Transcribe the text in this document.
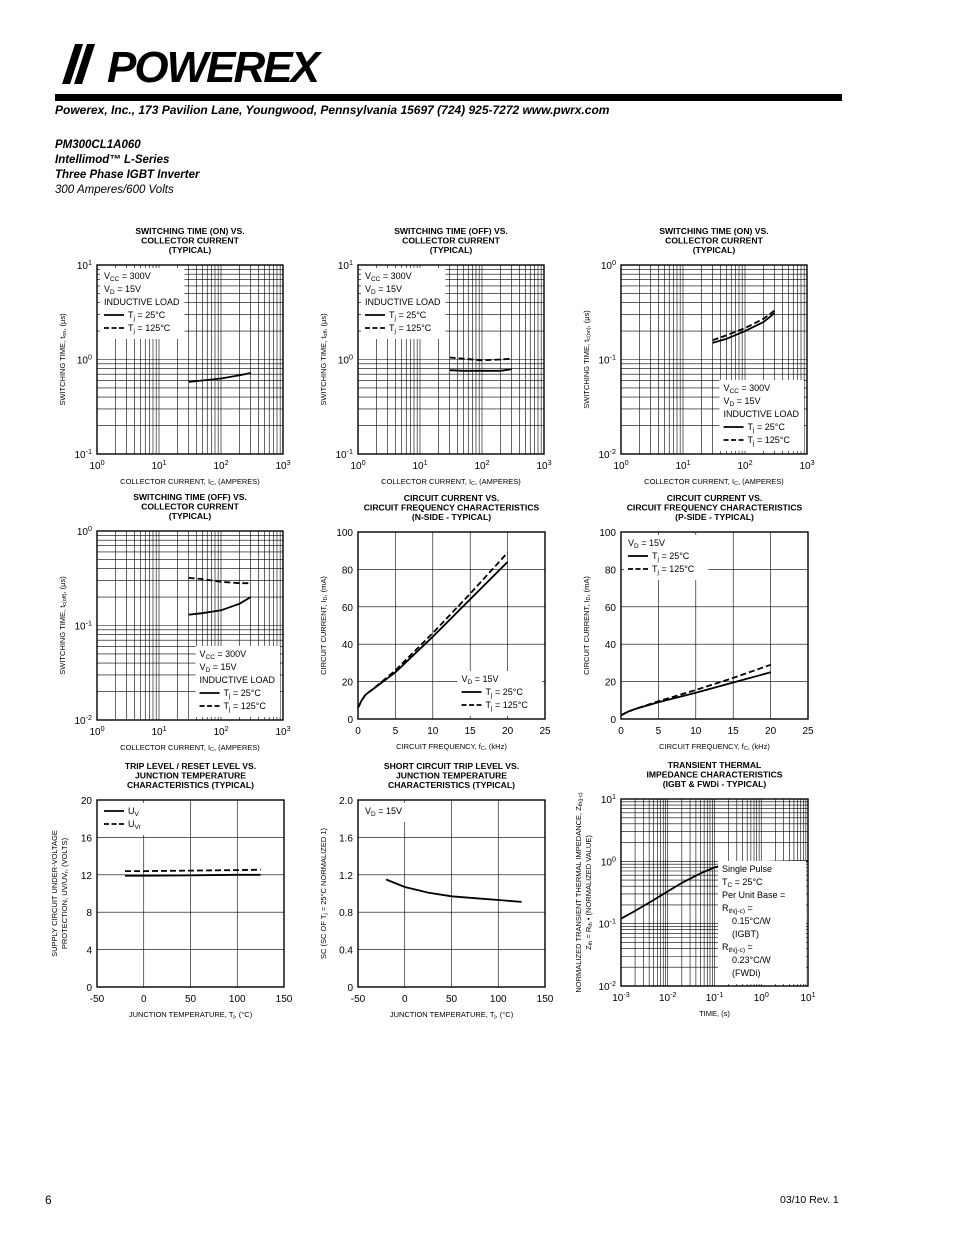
POWEREX
Powerex, Inc., 173 Pavilion Lane, Youngwood, Pennsylvania 15697 (724) 925-7272 www.pwrx.com
PM300CL1A060
Intellimod™ L-Series
Three Phase IGBT Inverter
300 Amperes/600 Volts
SWITCHING TIME (ON) VS.
COLLECTOR CURRENT
(TYPICAL)
$10^0$	$10^1$	$10^2$	$10^3$
$10^{-1}$
$10^0$
$10^1$
COLLECTOR CURRENT, IC, (AMPERES)
SWITCHING TIME, ton, (μs)
VCC = 300V
VD = 15V
INDUCTIVE LOAD
Tj = 25°C
Tj = 125°C
SWITCHING TIME (OFF) VS.
COLLECTOR CURRENT
(TYPICAL)
$10^0$	$10^1$	$10^2$	$10^3$
$10^{-1}$
$10^0$
$10^1$
COLLECTOR CURRENT, IC, (AMPERES)
SWITCHING TIME, toff, (μs)
VCC = 300V
VD = 15V
INDUCTIVE LOAD
Tj = 25°C
Tj = 125°C
SWITCHING TIME (ON) VS.
COLLECTOR CURRENT
(TYPICAL)
$10^0$	$10^1$	$10^2$	$10^3$
$10^{-2}$
$10^{-1}$
$10^0$
COLLECTOR CURRENT, IC, (AMPERES)
SWITCHING TIME, tc(on), (μs)
VCC = 300V
VD = 15V
INDUCTIVE LOAD
Tj = 25°C
Tj = 125°C
SWITCHING TIME (OFF) VS.
COLLECTOR CURRENT
(TYPICAL)
$10^0$	$10^1$	$10^2$	$10^3$
$10^{-2}$
$10^{-1}$
$10^0$
COLLECTOR CURRENT, IC, (AMPERES)
SWITCHING TIME, tc(off), (μs)
VCC = 300V
VD = 15V
INDUCTIVE LOAD
Tj = 25°C
Tj = 125°C
CIRCUIT CURRENT VS.
CIRCUIT FREQUENCY CHARACTERISTICS
(N-SIDE - TYPICAL)
0	5	10	15	20	25
0
20
40
60
80
100
CIRCUIT FREQUENCY, fC, (kHz)
CIRCUIT CURRENT, ID, (mA)
VD = 15V
Tj = 25°C
Tj = 125°C
CIRCUIT CURRENT VS.
CIRCUIT FREQUENCY CHARACTERISTICS
(P-SIDE - TYPICAL)
0	5	10	15	20	25
0
20
40
60
80
100
CIRCUIT FREQUENCY, fC, (kHz)
CIRCUIT CURRENT, ID, (mA)
VD = 15V
Tj = 25°C
Tj = 125°C
TRIP LEVEL / RESET LEVEL VS.
JUNCTION TEMPERATURE
CHARACTERISTICS (TYPICAL)
-50	0	50	100	150
0
4
8
12
16
20
JUNCTION TEMPERATURE, Tj, (°C)
SUPPLY CIRCUIT UNDER-VOLTAGE PROTECTION, UV/UVr, (VOLTS)
UV
UVr
SHORT CIRCUIT TRIP LEVEL VS.
JUNCTION TEMPERATURE
CHARACTERISTICS (TYPICAL)
-50	0	50	100	150
0
0.4
0.8
1.2
1.6
2.0
JUNCTION TEMPERATURE, Tj, (°C)
SC (SC OF Tj = 25°C NORMALIZED 1)
VD = 15V
TRANSIENT THERMAL
IMPEDANCE CHARACTERISTICS
(IGBT & FWDi - TYPICAL)
$10^{-3}$	$10^{-2}$	$10^{-1}$	$10^0$	$10^1$
$10^{-2}$
$10^{-1}$
$10^0$
$10^1$
TIME, (s)
NORMALIZED TRANSIENT THERMAL IMPEDANCE, Zth(j-c)
Zth = Rth • (NORMALIZED VALUE)	Single Pulse
TC = 25°C
Per Unit Base =
Rth(j-c) =
0.15°C/W
(IGBT)
Rth(j-c) =
0.23°C/W
(FWDi)
6	03/10 Rev. 1
